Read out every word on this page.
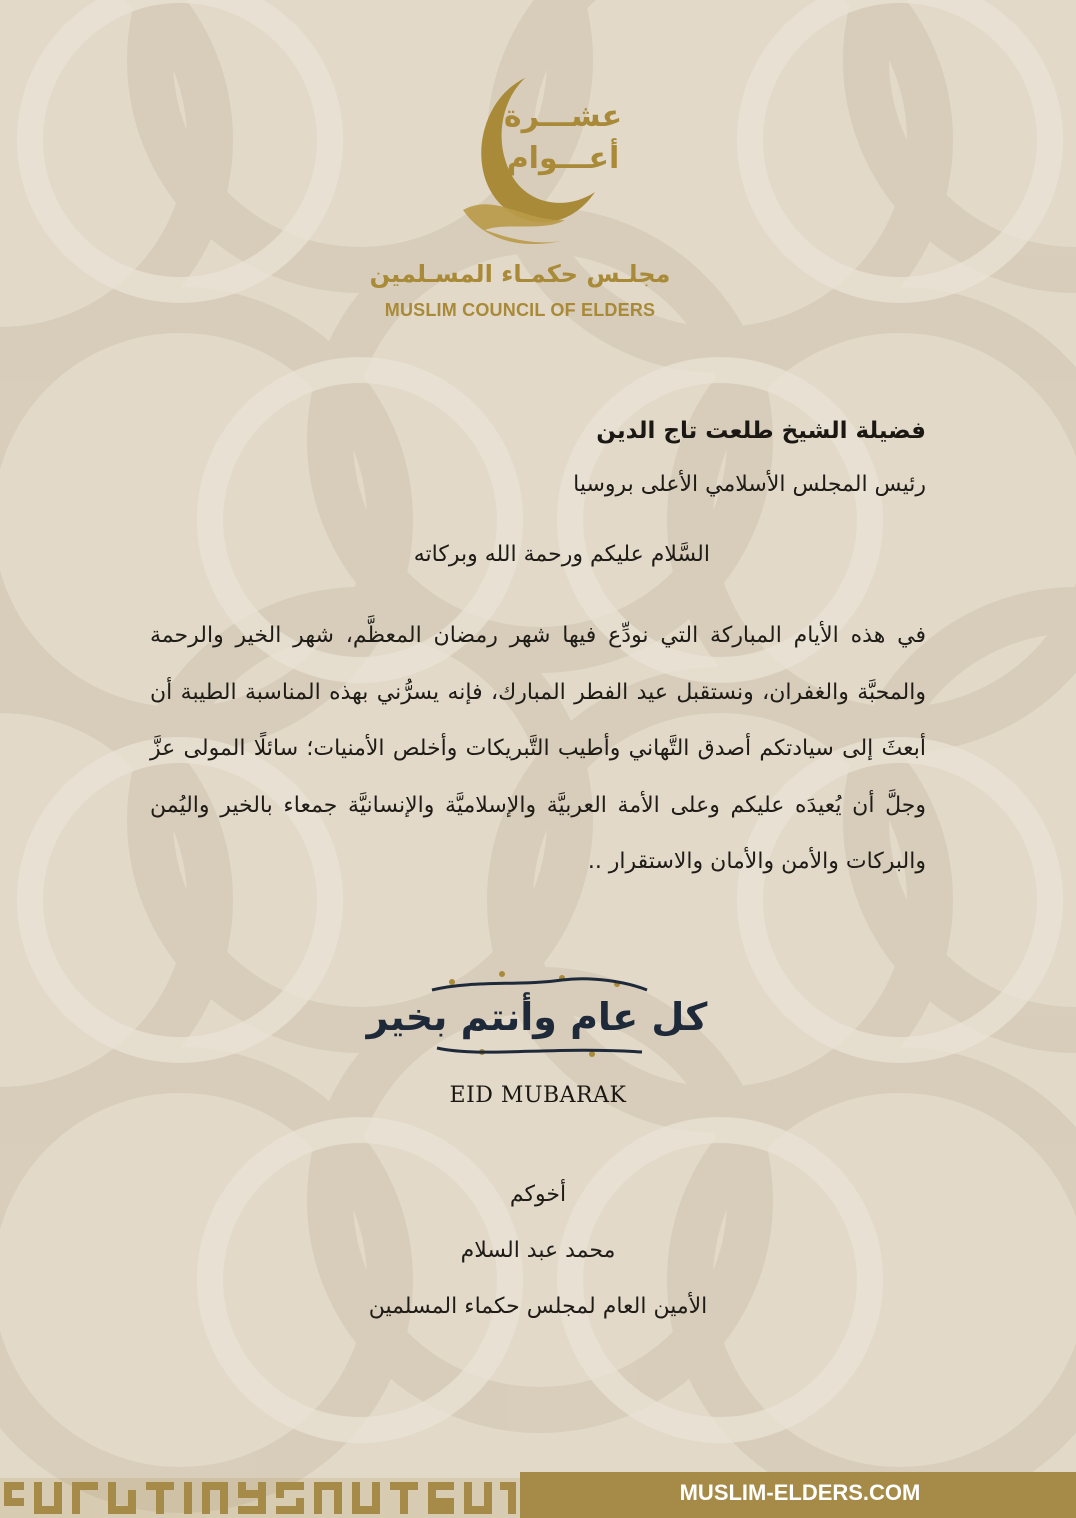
عشـــرة
أعـــوام
مجلـس حكمـاء المسـلمين
MUSLIM COUNCIL OF ELDERS
فضيلة الشيخ طلعت تاج الدين
رئيس المجلس الأسلامي الأعلى بروسيا
السَّلام عليكم ورحمة الله وبركاته
في هذه الأيام المباركة التي نودِّع فيها شهر رمضان المعظَّم، شهر الخير والرحمة والمحبَّة والغفران، ونستقبل عيد الفطر المبارك، فإنه يسرُّني بهذه المناسبة الطيبة أن أبعثَ إلى سيادتكم أصدق التَّهاني وأطيب التَّبريكات وأخلص الأمنيات؛ سائلًا المولى عزَّ وجلَّ أن يُعيدَه عليكم وعلى الأمة العربيَّة والإسلاميَّة والإنسانيَّة جمعاء بالخير واليُمن والبركات والأمن والأمان والاستقرار ..
كل عام وأنتم بخير
EID MUBARAK
أخوكم
محمد عبد السلام
الأمين العام لمجلس حكماء المسلمين
MUSLIM-ELDERS.COM
